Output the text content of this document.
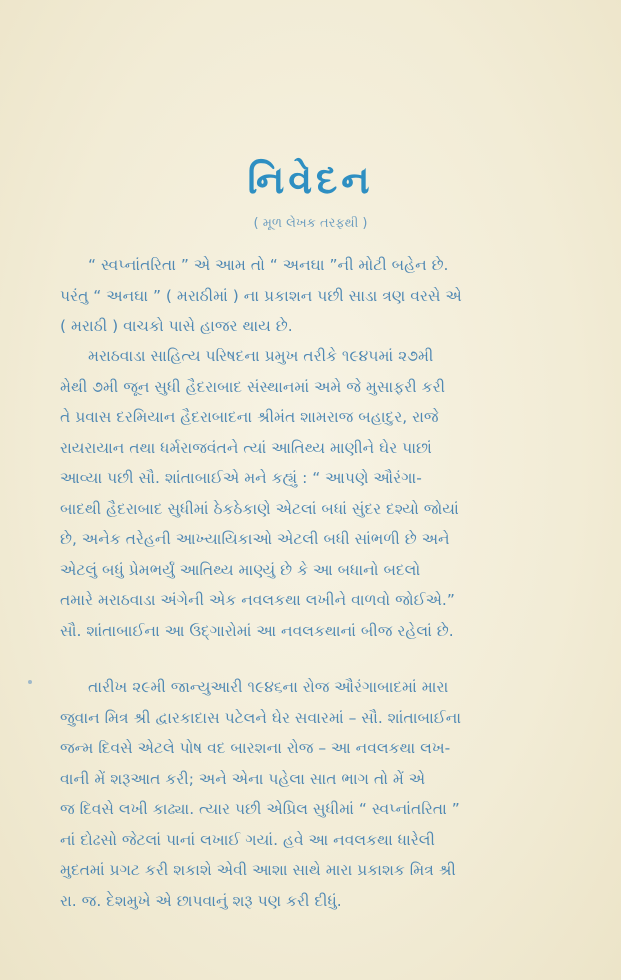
નિવેદન
( મૂળ લેખક તરફથી )
“ સ્વપ્નાંતરિતા ” એ આમ તો “ અનઘા ”ની મોટી બહેન છે.
પરંતુ “ અનઘા ” ( મરાઠીમાં ) ના પ્રકાશન પછી સાડા ત્રણ વરસે એ
( મરાઠી ) વાચકો પાસે હાજર થાય છે.
મરાઠવાડા સાહિત્ય પરિષદના પ્રમુખ તરીકે ૧૯૪૫માં ૨૭મી
મેથી ૭મી જૂન સુધી હૈદરાબાદ સંસ્થાનમાં અમે જે મુસાફરી કરી
તે પ્રવાસ દરમિયાન હૈદરાબાદના શ્રીમંત શામરાજ બહાદુર, રાજે
રાયરાયાન તથા ધર્મરાજવંતને ત્યાં આતિથ્ય માણીને ઘેર પાછાં
આવ્યા પછી સૌ. શાંતાબાઈએ મને કહ્યું : “ આપણે ઔરંગા-
બાદથી હૈદરાબાદ સુધીમાં ઠેકઠેકાણે એટલાં બધાં સુંદર દશ્યો જોયાં
છે, અનેક તરેહની આખ્યાયિકાઓ એટલી બધી સાંભળી છે અને
એટલું બધું પ્રેમભર્યું આતિથ્ય માણ્યું છે કે આ બધાનો બદલો
તમારે મરાઠવાડા અંગેની એક નવલકથા લખીને વાળવો જોઈએ.”
સૌ. શાંતાબાઈના આ ઉદ્ગારોમાં આ નવલકથાનાં બીજ રહેલાં છે.
તારીખ ૨૯મી જાન્યુઆરી ૧૯૪૬ના રોજ ઔરંગાબાદમાં મારા
જુવાન મિત્ર શ્રી દ્વારકાદાસ પટેલને ઘેર સવારમાં – સૌ. શાંતાબાઈના
જન્મ દિવસે એટલે પોષ વદ બારશના રોજ – આ નવલકથા લખ-
વાની મેં શરૂઆત કરી; અને એના પહેલા સાત ભાગ તો મેં એ
જ દિવસે લખી કાઢ્યા. ત્યાર પછી એપ્રિલ સુધીમાં “ સ્વપ્નાંતરિતા ”
નાં દોઢસો જેટલાં પાનાં લખાઈ ગયાં. હવે આ નવલકથા ધારેલી
મુદતમાં પ્રગટ કરી શકાશે એવી આશા સાથે મારા પ્રકાશક મિત્ર શ્રી
રા. જ. દેશમુખે એ છાપવાનું શરૂ પણ કરી દીધું.
